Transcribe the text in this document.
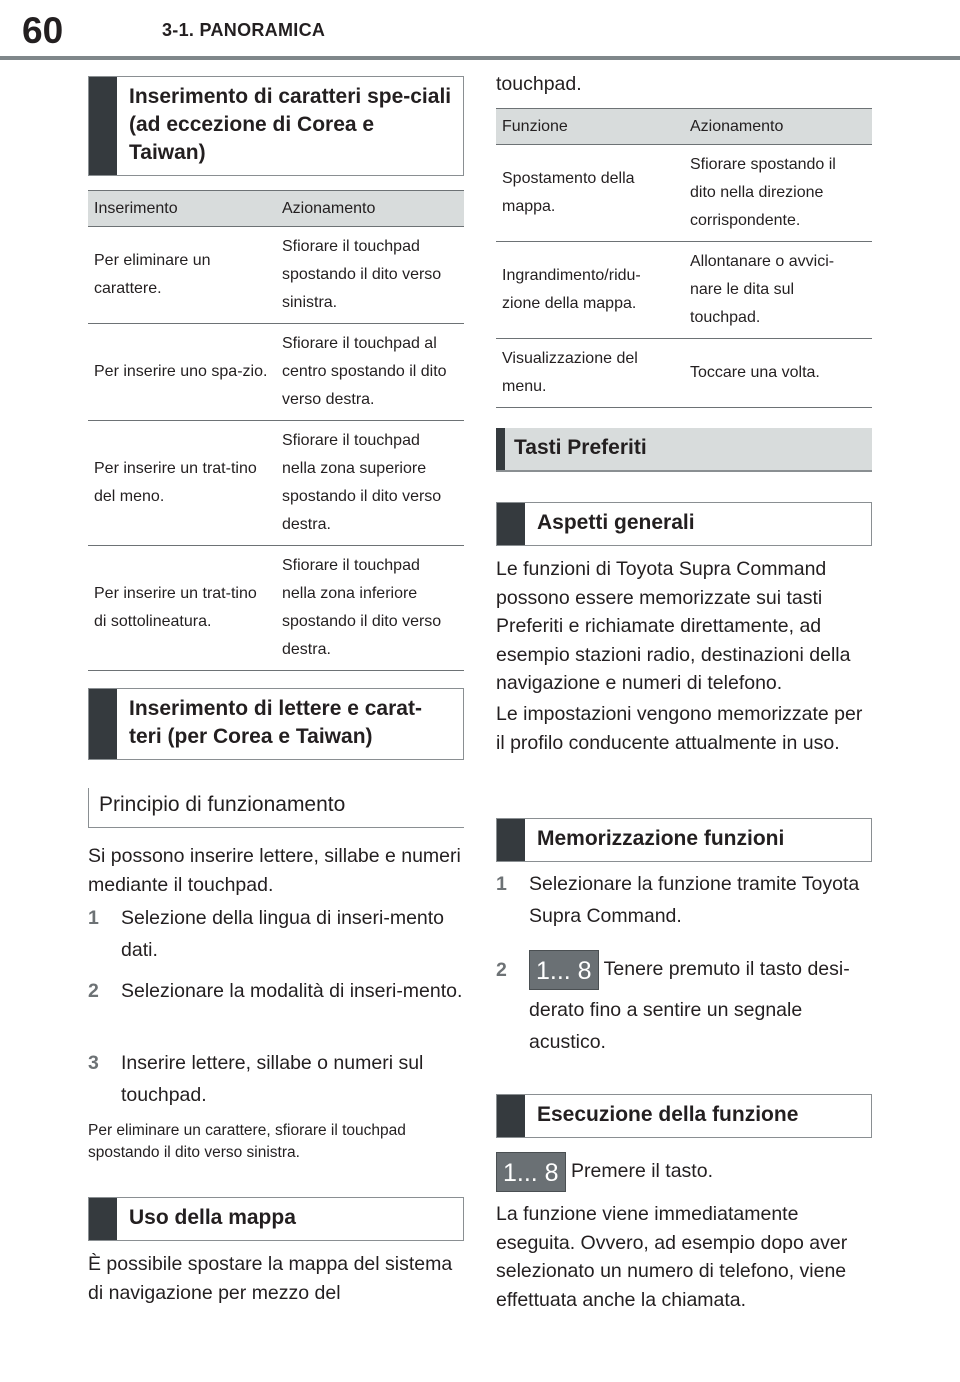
60	3-1. PANORAMICA
Inserimento di caratteri spe-ciali (ad eccezione di Corea e Taiwan)
Inserimento	Azionamento
Per eliminare un carattere.	Sfiorare il touchpad spostando il dito verso sinistra.
Per inserire uno spa-zio.	Sfiorare il touchpad al centro spostando il dito verso destra.
Per inserire un trat-tino del meno.	Sfiorare il touchpad nella zona superiore spostando il dito verso destra.
Per inserire un trat-tino di sottolineatura.	Sfiorare il touchpad nella zona inferiore spostando il dito verso destra.
Inserimento di lettere e carat-teri (per Corea e Taiwan)
Principio di funzionamento
Si possono inserire lettere, sillabe e numeri mediante il touchpad.
1 Selezione della lingua di inseri-mento dati.
2 Selezionare la modalità di inseri-mento.
3 Inserire lettere, sillabe o numeri sul touchpad.
Per eliminare un carattere, sfiorare il touchpad spostando il dito verso sinistra.
Uso della mappa
È possibile spostare la mappa del sistema di navigazione per mezzo del
touchpad.
Funzione	Azionamento
Spostamento della mappa.	Sfiorare spostando il dito nella direzione corrispondente.
Ingrandimento/ridu-zione della mappa.	Allontanare o avvici-nare le dita sul touchpad.
Visualizzazione del menu.	Toccare una volta.
Tasti Preferiti
Aspetti generali
Le funzioni di Toyota Supra Command possono essere memorizzate sui tasti Preferiti e richiamate direttamente, ad esempio stazioni radio, destinazioni della navigazione e numeri di telefono.
Le impostazioni vengono memorizzate per il profilo conducente attualmente in uso.
Memorizzazione funzioni
1 Selezionare la funzione tramite Toyota Supra Command.
2 1... 8 Tenere premuto il tasto desi-
derato fino a sentire un segnale acustico.
Esecuzione della funzione
1... 8 Premere il tasto.
La funzione viene immediatamente eseguita. Ovvero, ad esempio dopo aver selezionato un numero di telefono, viene effettuata anche la chiamata.
